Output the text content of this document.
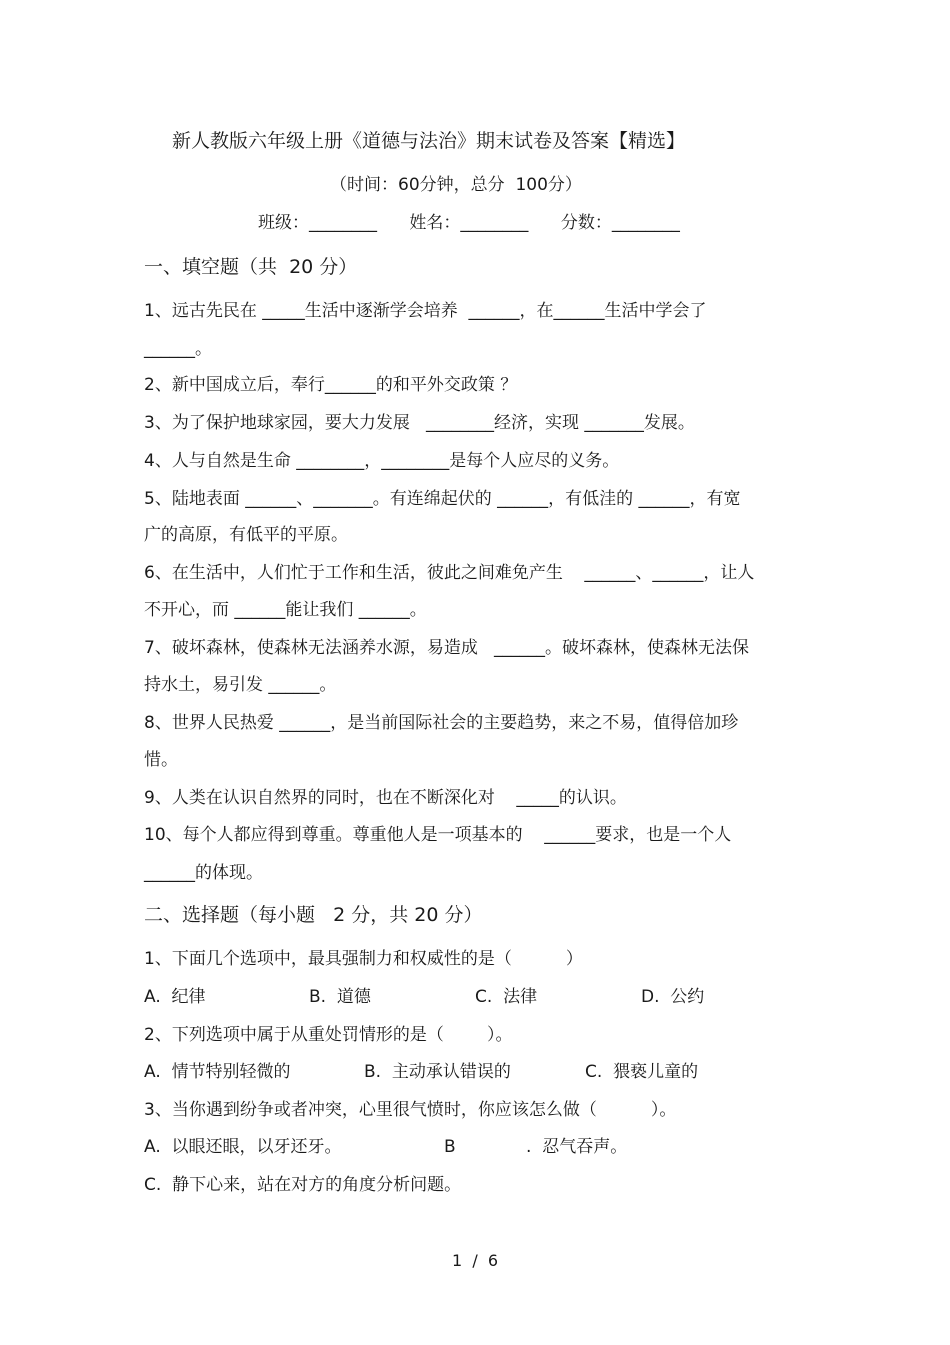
新人教版六年级上册《道德与法治》期末试卷及答案【精选】
（时间：60分钟，总分  100分）
班级：________      姓名：________      分数：________
一、填空题（共  20 分）
1、远古先民在 _____生活中逐渐学会培养  ______，在______生活中学会了
______。
2、新中国成立后，奉行______的和平外交政策 ？
3、为了保护地球家园，要大力发展   ________经济，实现 _______发展。
4、人与自然是生命 ________，________是每个人应尽的义务。
5、陆地表面 ______、_______。有连绵起伏的 ______，有低洼的 ______，有宽
广的高原，有低平的平原。
6、在生活中，人们忙于工作和生活，彼此之间难免产生    ______、______，让人
不开心，而 ______能让我们 ______。
7、破坏森林，使森林无法涵养水源，易造成   ______。破坏森林，使森林无法保
持水土，易引发 ______。
8、世界人民热爱 ______，是当前国际社会的主要趋势，来之不易，值得倍加珍
惜。
9、人类在认识自然界的同时，也在不断深化对    _____的认识。
10、每个人都应得到尊重。尊重他人是一项基本的    ______要求，也是一个人
______的体现。
二、选择题（每小题   2 分，共 20 分）
1、下面几个选项中，最具强制力和权威性的是（          ）
A.  纪律	B.  道德	C.  法律	D.  公约
2、下列选项中属于从重处罚情形的是（        ）。
A.  情节特别轻微的	B.  主动承认错误的	C.  猥亵儿童的
3、当你遇到纷争或者冲突，心里很气愤时，你应该怎么做（          ）。
A.  以眼还眼，以牙还牙。	B	.  忍气吞声。
C.  静下心来，站在对方的角度分析问题。
1  /  6
